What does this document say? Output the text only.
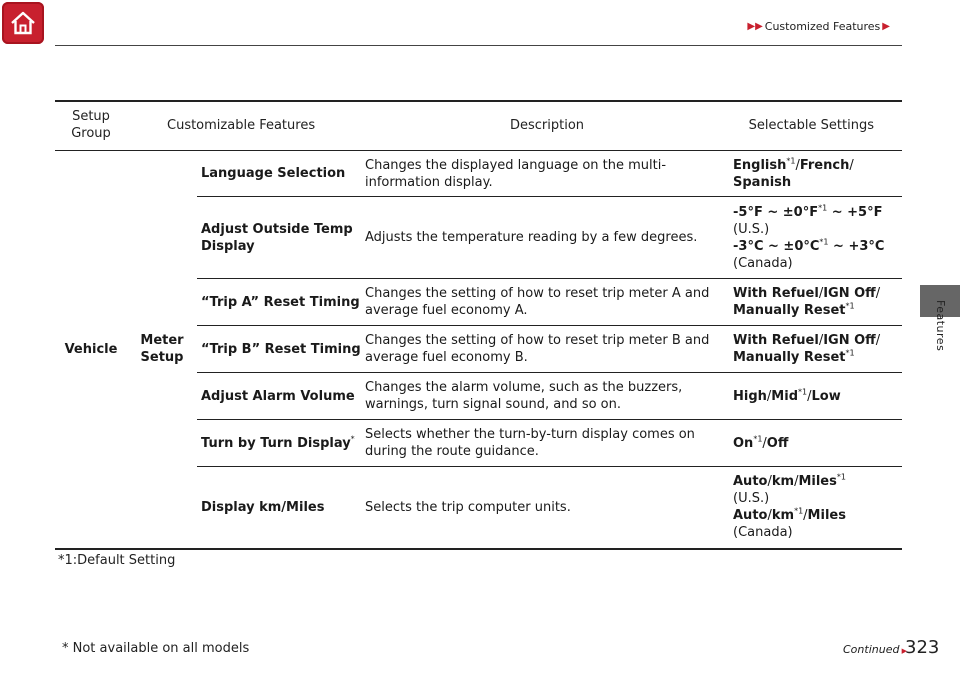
▶▶ Customized Features ▶
Features
Setup Group	Customizable Features		Description	Selectable Settings
Vehicle	Meter Setup	Language Selection	Changes the displayed language on the multi-information display.	English$^{*1}$/French/
Spanish
		Adjust Outside Temp Display	Adjusts the temperature reading by a few degrees.	-5°F ~ $\pm 0^\circ F^{*1}$ ~ +5°F
(U.S.)
-3°C ~ $\pm 0^\circ C^{*1}$ ~ +3°C
(Canada)
		“Trip A” Reset Timing	Changes the setting of how to reset trip meter A and average fuel economy A.	With Refuel/IGN Off/
Manually Reset$^{*1}$
		“Trip B” Reset Timing	Changes the setting of how to reset trip meter B and average fuel economy B.	With Refuel/IGN Off/
Manually Reset$^{*1}$
		Adjust Alarm Volume	Changes the alarm volume, such as the buzzers, warnings, turn signal sound, and so on.	High/Mid$^{*1}$/Low
		Turn by Turn Display*	Selects whether the turn-by-turn display comes on during the route guidance.	On$^{*1}$/Off
		Display km/Miles	Selects the trip computer units.	Auto/km/Miles$^{*1}$
(U.S.)
Auto/$km^{*1}$/Miles
(Canada)
*1:Default Setting
* Not available on all models	Continued ▶
323
